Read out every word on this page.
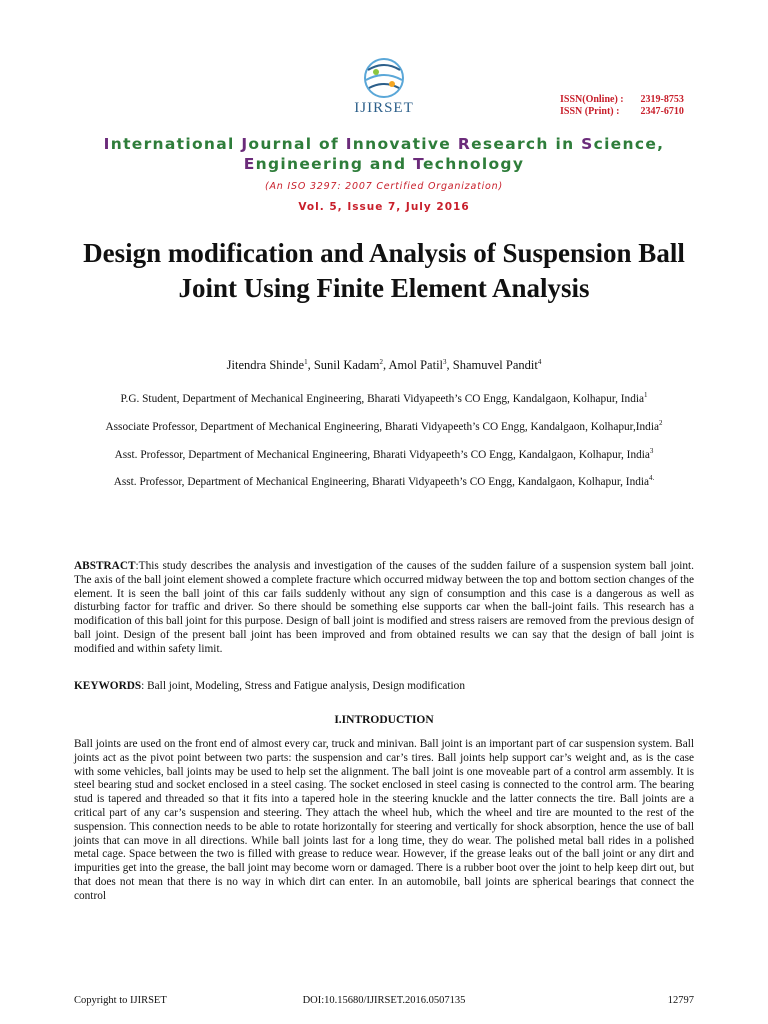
IJIRSET
ISSN(Online) : 2319-8753
ISSN (Print) : 2347-6710
International Journal of Innovative Research in Science,
Engineering and Technology
(An ISO 3297: 2007 Certified Organization)
Vol. 5, Issue 7, July 2016
Design modification and Analysis of Suspension Ball Joint Using Finite Element Analysis
Jitendra Shinde$^1$, Sunil Kadam$^2$, Amol Patil$^3$, Shamuvel Pandit$^4$
P.G. Student, Department of Mechanical Engineering, Bharati Vidyapeeth’s CO Engg, Kandalgaon, Kolhapur, India$^1$
Associate Professor, Department of Mechanical Engineering, Bharati Vidyapeeth’s CO Engg, Kandalgaon, Kolhapur,India$^2$
Asst. Professor, Department of Mechanical Engineering, Bharati Vidyapeeth’s CO Engg, Kandalgaon, Kolhapur, India$^3$
Asst. Professor, Department of Mechanical Engineering, Bharati Vidyapeeth’s CO Engg, Kandalgaon, Kolhapur, India$^{4.}$
ABSTRACT:This study describes the analysis and investigation of the causes of the sudden failure of a suspension system ball joint. The axis of the ball joint element showed a complete fracture which occurred midway between the top and bottom section changes of the element. It is seen the ball joint of this car fails suddenly without any sign of consumption and this case is a dangerous as well as disturbing factor for traffic and driver. So there should be something else supports car when the ball-joint fails. This research has a modification of this ball joint for this purpose. Design of ball joint is modified and stress raisers are removed from the previous design of ball joint. Design of the present ball joint has been improved and from obtained results we can say that the design of ball joint is modified and within safety limit.
KEYWORDS: Ball joint, Modeling, Stress and Fatigue analysis, Design modification
I.INTRODUCTION
Ball joints are used on the front end of almost every car, truck and minivan. Ball joint is an important part of car suspension system. Ball joints act as the pivot point between two parts: the suspension and car’s tires. Ball joints help support car’s weight and, as is the case with some vehicles, ball joints may be used to help set the alignment. The ball joint is one moveable part of a control arm assembly. It is steel bearing stud and socket enclosed in a steel casing. The socket enclosed in steel casing is connected to the control arm. The bearing stud is tapered and threaded so that it fits into a tapered hole in the steering knuckle and the latter connects the tire. Ball joints are a critical part of any car’s suspension and steering. They attach the wheel hub, which the wheel and tire are mounted to the rest of the suspension. This connection needs to be able to rotate horizontally for steering and vertically for shock absorption, hence the use of ball joints that can move in all directions. While ball joints last for a long time, they do wear. The polished metal ball rides in a polished metal cage. Space between the two is filled with grease to reduce wear. However, if the grease leaks out of the ball joint or any dirt and impurities get into the grease, the ball joint may become worn or damaged. There is a rubber boot over the joint to help keep dirt out, but that does not mean that there is no way in which dirt can enter. In an automobile, ball joints are spherical bearings that connect the control
Copyright to IJIRSET	DOI:10.15680/IJIRSET.2016.0507135	12797
